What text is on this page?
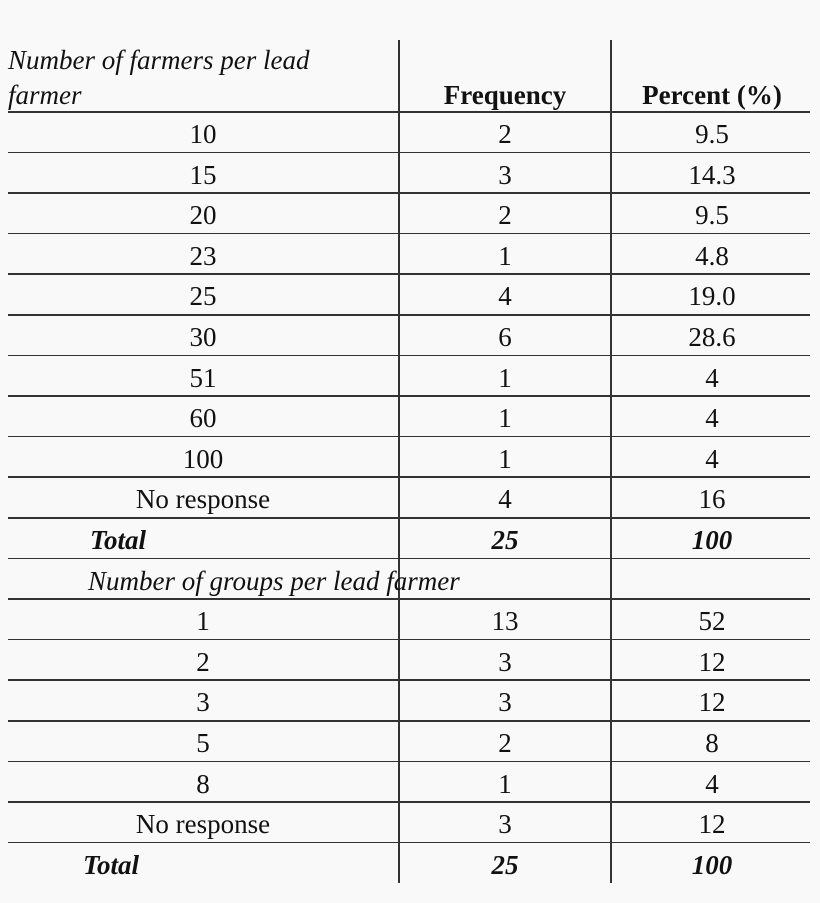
Number of farmers per lead
farmer	Frequency	Percent (%)
10	2	9.5
15	3	14.3
20	2	9.5
23	1	4.8
25	4	19.0
30	6	28.6
51	1	4
60	1	4
100	1	4
No response	4	16
Total	25	100
Number of groups per lead farmer
1	13	52
2	3	12
3	3	12
5	2	8
8	1	4
No response	3	12
Total	25	100
